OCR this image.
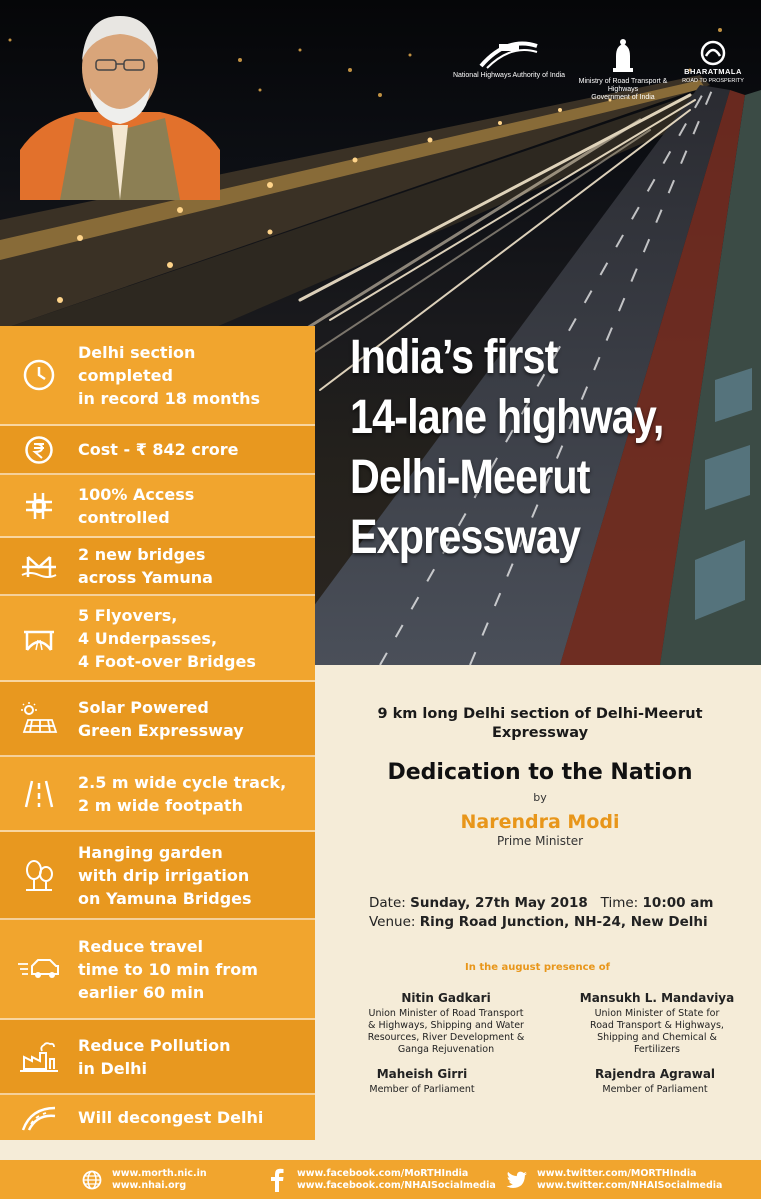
National Highways Authority of India
Ministry of Road Transport & Highways
Government of India
BHARATMALA
ROAD TO PROSPERITY
India’s first
14-lane highway,
Delhi-Meerut
Expressway
Delhi section
completed
in record 18 months
Cost - ₹ 842 crore
100% Access
controlled
2 new bridges
across Yamuna
5 Flyovers,
4 Underpasses,
4 Foot-over Bridges
Solar Powered
Green Expressway
2.5 m wide cycle track,
2 m wide footpath
Hanging garden
with drip irrigation
on Yamuna Bridges
Reduce travel
time to 10 min from
earlier 60 min
Reduce Pollution
in Delhi
Will decongest Delhi
9 km long Delhi section of Delhi-Meerut
Expressway
Dedication to the Nation
by
Narendra Modi
Prime Minister
Date: Sunday, 27th May 2018 Time: 10:00 am
Venue: Ring Road Junction, NH-24, New Delhi
In the august presence of
Nitin Gadkari
Union Minister of Road Transport
& Highways, Shipping and Water
Resources, River Development &
Ganga Rejuvenation
Mansukh L. Mandaviya
Union Minister of State for
Road Transport & Highways,
Shipping and Chemical &
Fertilizers
Maheish Girri
Member of Parliament
Rajendra Agrawal
Member of Parliament
www.morth.nic.in
www.nhai.org
www.facebook.com/MoRTHIndia
www.facebook.com/NHAISocialmedia
www.twitter.com/MORTHIndia
www.twitter.com/NHAISocialmedia
